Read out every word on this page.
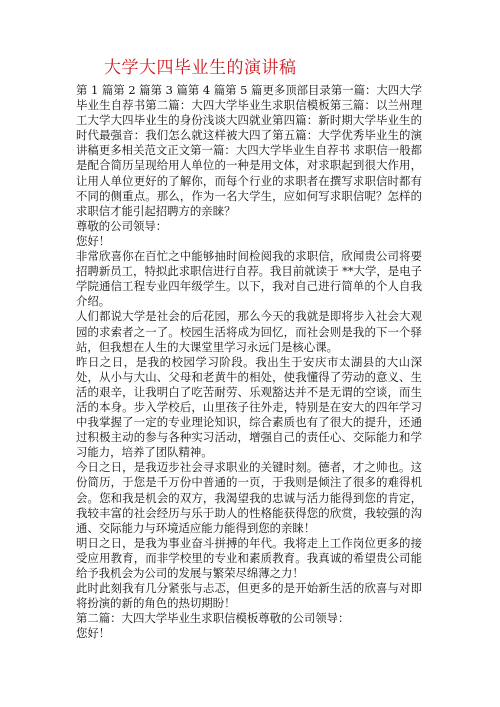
大学大四毕业生的演讲稿

第 1 篇第 2 篇第 3 篇第 4 篇第 5 篇更多顶部目录第一篇：大四大学毕业生自荐书第二篇：大四大学毕业生求职信模板第三篇：以兰州理工大学大四毕业生的身份浅谈大四就业第四篇：新时期大学毕业生的时代最强音：我们怎么就这样被大四了第五篇：大学优秀毕业生的演讲稿更多相关范文正文第一篇：大四大学毕业生自荐书 求职信一般都是配合简历呈现给用人单位的一种是用文体，对求职起到很大作用，让用人单位更好的了解你，而每个行业的求职者在撰写求职信时都有不同的侧重点。那么，作为一名大学生，应如何写求职信呢？怎样的求职信才能引起招聘方的亲睐？

尊敬的公司领导：

您好！

非常欣喜你在百忙之中能够抽时间检阅我的求职信，欣闻贵公司将要招聘新员工，特拟此求职信进行自荐。我目前就读于 **大学，是电子学院通信工程专业四年级学生。以下，我对自己进行简单的个人自我介绍。

人们都说大学是社会的后花园，那么今天的我就是即将步入社会大观园的求索者之一了。校园生活将成为回忆，而社会则是我的下一个驿站，但我想在人生的大课堂里学习永远门是核心课。

昨日之日，是我的校园学习阶段。我出生于安庆市太湖县的大山深处，从小与大山、父母和老黄牛的相处，使我懂得了劳动的意义、生活的艰辛，让我明白了吃苦耐劳、乐观豁达并不是无谓的空谈，而生活的本身。步入学校后，山里孩子往外走，特别是在安大的四年学习中我掌握了一定的专业理论知识，综合素质也有了很大的提升，还通过积极主动的参与各种实习活动，增强自己的责任心、交际能力和学习能力，培养了团队精神。

今日之日，是我迈步社会寻求职业的关键时刻。德者，才之帅也。这份简历，于您是千万份中普通的一页，于我则是倾注了很多的难得机会。您和我是机会的双方，我渴望我的忠诚与活力能得到您的肯定，我较丰富的社会经历与乐于助人的性格能获得您的欣赏，我较强的沟通、交际能力与环境适应能力能得到您的亲睐！

明日之日，是我为事业奋斗拼搏的年代。我将走上工作岗位更多的接受应用教育，而非学校里的专业和素质教育。我真诚的希望贵公司能给予我机会为公司的发展与繁荣尽绵薄之力！

此时此刻我有几分紧张与忐忑，但更多的是开始新生活的欣喜与对即将扮演的新的角色的热切期盼！

第二篇：大四大学毕业生求职信模板尊敬的公司领导：

您好！
